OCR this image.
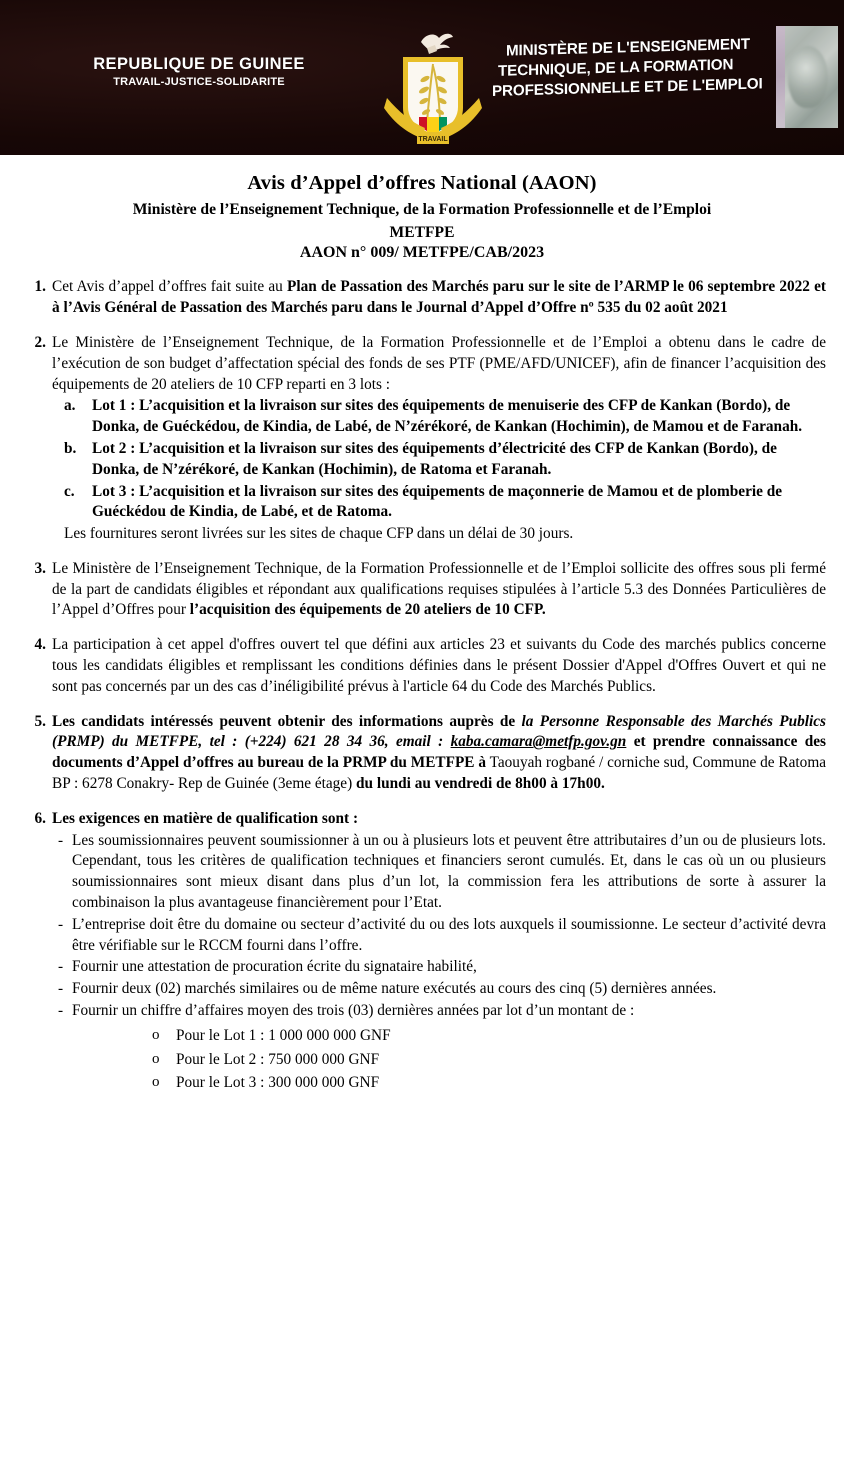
REPUBLIQUE DE GUINEE
TRAVAIL-JUSTICE-SOLIDARITE
TRAVAIL
MINISTÈRE DE L'ENSEIGNEMENT
TECHNIQUE, DE LA FORMATION
PROFESSIONNELLE ET DE L'EMPLOI
Avis d’Appel d’offres National (AAON)
Ministère de l’Enseignement Technique, de la Formation Professionnelle et de l’Emploi
METFPE
AAON n° 009/ METFPE/CAB/2023
1. Cet Avis d’appel d’offres fait suite au Plan de Passation des Marchés paru sur le site de l’ARMP le 06 septembre 2022 et à l’Avis Général de Passation des Marchés paru dans le Journal d’Appel d’Offre nº 535 du 02 août 2021
2. Le Ministère de l’Enseignement Technique, de la Formation Professionnelle et de l’Emploi a obtenu dans le cadre de l’exécution de son budget d’affectation spécial des fonds de ses PTF (PME/AFD/UNICEF), afin de financer l’acquisition des équipements de 20 ateliers de 10 CFP reparti en 3 lots :
a. Lot 1 : L’acquisition et la livraison sur sites des équipements de menuiserie des CFP de Kankan (Bordo), de Donka, de Guéckédou, de Kindia, de Labé, de N’zérékoré, de Kankan (Hochimin), de Mamou et de Faranah.
b. Lot 2 : L’acquisition et la livraison sur sites des équipements d’électricité des CFP de Kankan (Bordo), de Donka, de N’zérékoré, de Kankan (Hochimin), de Ratoma et Faranah.
c. Lot 3 : L’acquisition et la livraison sur sites des équipements de maçonnerie de Mamou et de plomberie de Guéckédou de Kindia, de Labé, et de Ratoma.
Les fournitures seront livrées sur les sites de chaque CFP dans un délai de 30 jours.
3. Le Ministère de l’Enseignement Technique, de la Formation Professionnelle et de l’Emploi sollicite des offres sous pli fermé de la part de candidats éligibles et répondant aux qualifications requises stipulées à l’article 5.3 des Données Particulières de l’Appel d’Offres pour l’acquisition des équipements de 20 ateliers de 10 CFP.
4. La participation à cet appel d'offres ouvert tel que défini aux articles 23 et suivants du Code des marchés publics concerne tous les candidats éligibles et remplissant les conditions définies dans le présent Dossier d'Appel d'Offres Ouvert et qui ne sont pas concernés par un des cas d’inéligibilité prévus à l'article 64 du Code des Marchés Publics.
5. Les candidats intéressés peuvent obtenir des informations auprès de la Personne Responsable des Marchés Publics (PRMP) du METFPE, tel : (+224) 621 28 34 36, email : kaba.camara@metfp.gov.gn et prendre connaissance des documents d’Appel d’offres au bureau de la PRMP du METFPE à Taouyah rogbané / corniche sud, Commune de Ratoma BP : 6278 Conakry- Rep de Guinée (3eme étage) du lundi au vendredi de 8h00 à 17h00.
6. Les exigences en matière de qualification sont :
- Les soumissionnaires peuvent soumissionner à un ou à plusieurs lots et peuvent être attributaires d’un ou de plusieurs lots. Cependant, tous les critères de qualification techniques et financiers seront cumulés. Et, dans le cas où un ou plusieurs soumissionnaires sont mieux disant dans plus d’un lot, la commission fera les attributions de sorte à assurer la combinaison la plus avantageuse financièrement pour l’Etat.
- L’entreprise doit être du domaine ou secteur d’activité du ou des lots auxquels il soumissionne. Le secteur d’activité devra être vérifiable sur le RCCM fourni dans l’offre.
- Fournir une attestation de procuration écrite du signataire habilité,
- Fournir deux (02) marchés similaires ou de même nature exécutés au cours des cinq (5) dernières années.
- Fournir un chiffre d’affaires moyen des trois (03) dernières années par lot d’un montant de :
o Pour le Lot 1 : 1 000 000 000 GNF
o Pour le Lot 2 : 750 000 000 GNF
o Pour le Lot 3 : 300 000 000 GNF
